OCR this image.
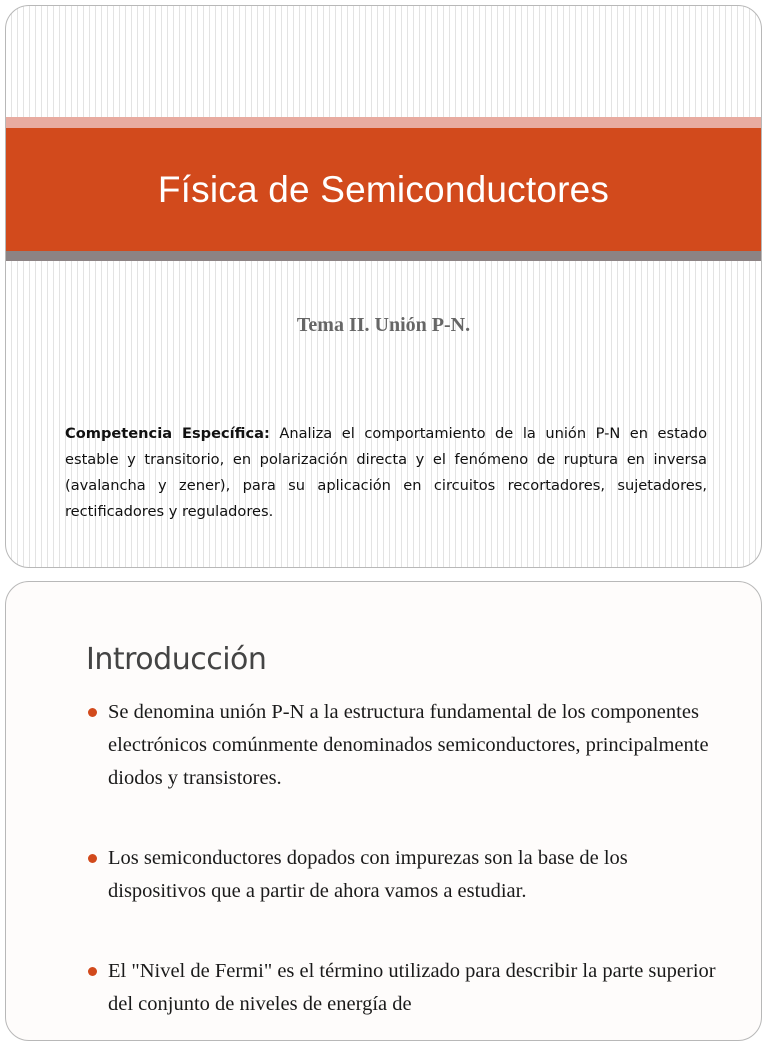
Física de Semiconductores
Tema II. Unión P-N.
Competencia Específica: Analiza el comportamiento de la unión P-N en estado estable y transitorio, en polarización directa y el fenómeno de ruptura en inversa (avalancha y zener), para su aplicación en circuitos recortadores, sujetadores, rectificadores y reguladores.
Introducción
Se denomina unión P-N a la estructura fundamental de los componentes electrónicos comúnmente denominados semiconductores, principalmente diodos y transistores.
Los semiconductores dopados con impurezas son la base de los dispositivos que a partir de ahora vamos a estudiar.
El "Nivel de Fermi" es el término utilizado para describir la parte superior del conjunto de niveles de energía de
